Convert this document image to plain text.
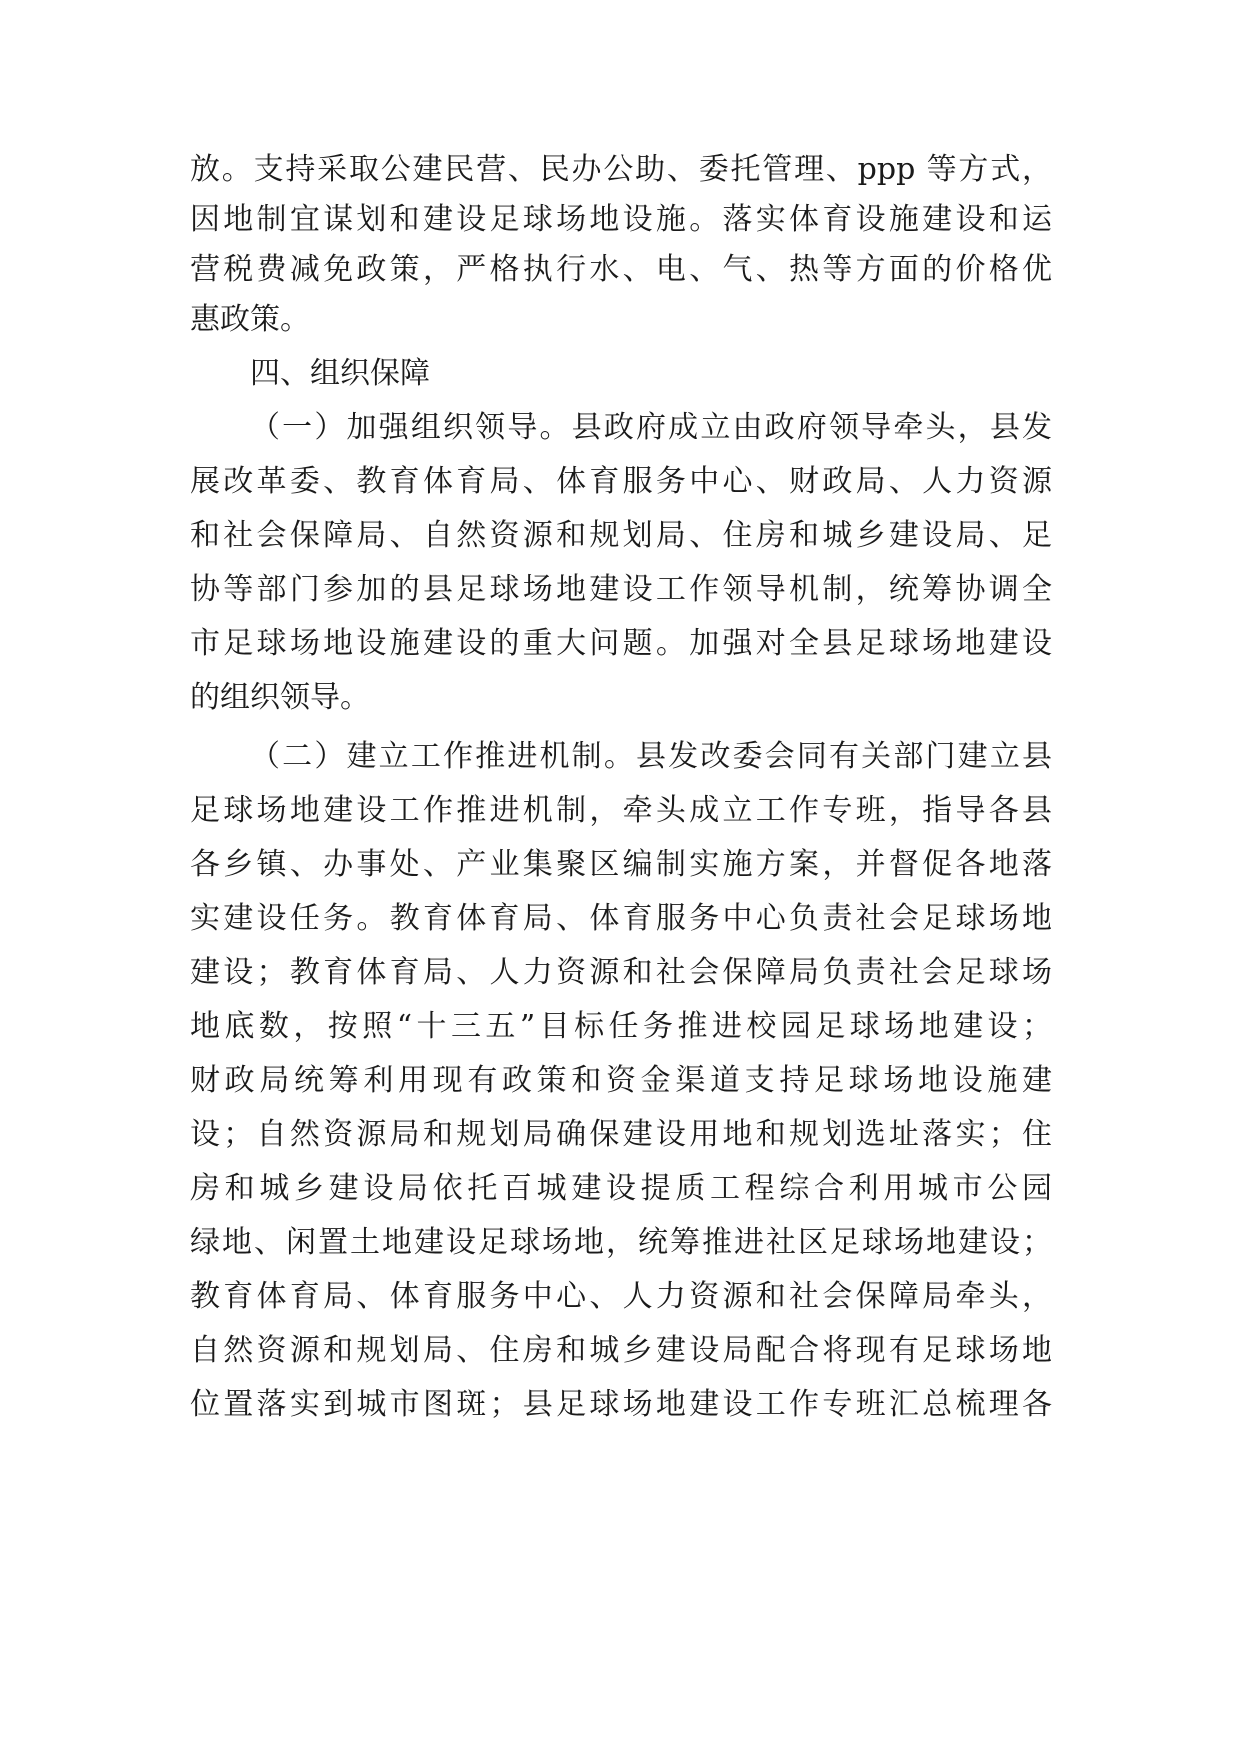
放。支持采取公建民营、民办公助、委托管理、ppp 等方式，
因地制宜谋划和建设足球场地设施。落实体育设施建设和运
营税费减免政策，严格执行水、电、气、热等方面的价格优
惠政策。
四、组织保障
（一）加强组织领导。县政府成立由政府领导牵头，县发
展改革委、教育体育局、体育服务中心、财政局、人力资源
和社会保障局、自然资源和规划局、住房和城乡建设局、足
协等部门参加的县足球场地建设工作领导机制，统筹协调全
市足球场地设施建设的重大问题。加强对全县足球场地建设
的组织领导。
（二）建立工作推进机制。县发改委会同有关部门建立县
足球场地建设工作推进机制，牵头成立工作专班，指导各县
各乡镇、办事处、产业集聚区编制实施方案，并督促各地落
实建设任务。教育体育局、体育服务中心负责社会足球场地
建设；教育体育局、人力资源和社会保障局负责社会足球场
地底数，按照“十三五”目标任务推进校园足球场地建设；
财政局统筹利用现有政策和资金渠道支持足球场地设施建
设；自然资源局和规划局确保建设用地和规划选址落实；住
房和城乡建设局依托百城建设提质工程综合利用城市公园
绿地、闲置土地建设足球场地，统筹推进社区足球场地建设；
教育体育局、体育服务中心、人力资源和社会保障局牵头，
自然资源和规划局、住房和城乡建设局配合将现有足球场地
位置落实到城市图斑；县足球场地建设工作专班汇总梳理各
